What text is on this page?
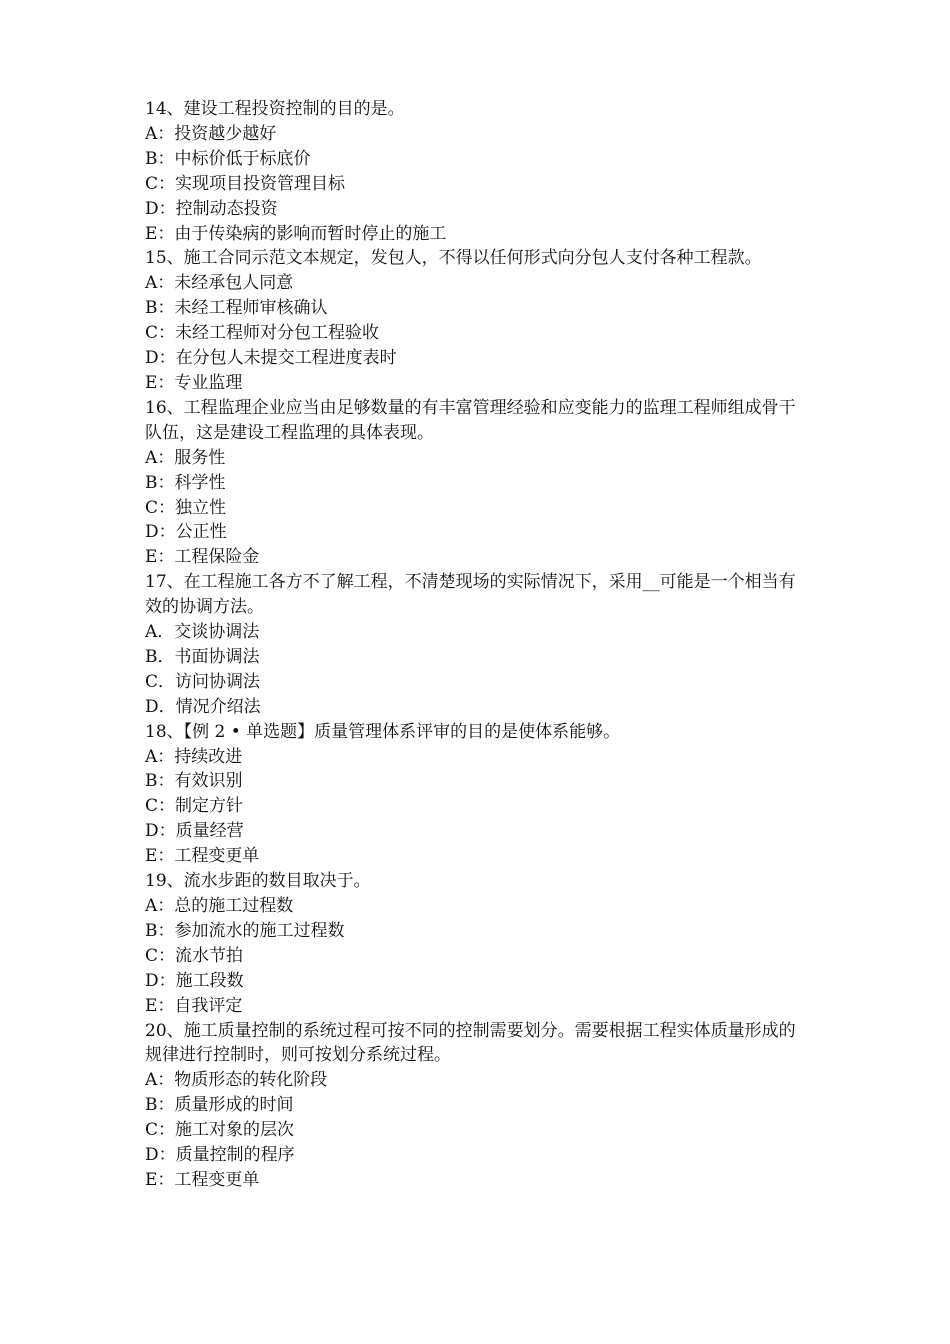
14、建设工程投资控制的目的是。

A：投资越少越好

B：中标价低于标底价

C：实现项目投资管理目标

D：控制动态投资

E：由于传染病的影响而暂时停止的施工

15、施工合同示范文本规定，发包人，不得以任何形式向分包人支付各种工程款。

A：未经承包人同意

B：未经工程师审核确认

C：未经工程师对分包工程验收

D：在分包人未提交工程进度表时

E：专业监理

16、工程监理企业应当由足够数量的有丰富管理经验和应变能力的监理工程师组成骨干队伍，这是建设工程监理的具体表现。

A：服务性

B：科学性

C：独立性

D：公正性

E：工程保险金

17、在工程施工各方不了解工程，不清楚现场的实际情况下，采用__可能是一个相当有效的协调方法。

A．交谈协调法

B．书面协调法

C．访问协调法

D．情况介绍法

18、【例 2 • 单选题】质量管理体系评审的目的是使体系能够。

A：持续改进

B：有效识别

C：制定方针

D：质量经营

E：工程变更单

19、流水步距的数目取决于。

A：总的施工过程数

B：参加流水的施工过程数

C：流水节拍

D：施工段数

E：自我评定

20、施工质量控制的系统过程可按不同的控制需要划分。需要根据工程实体质量形成的规律进行控制时，则可按划分系统过程。

A：物质形态的转化阶段

B：质量形成的时间

C：施工对象的层次

D：质量控制的程序

E：工程变更单
